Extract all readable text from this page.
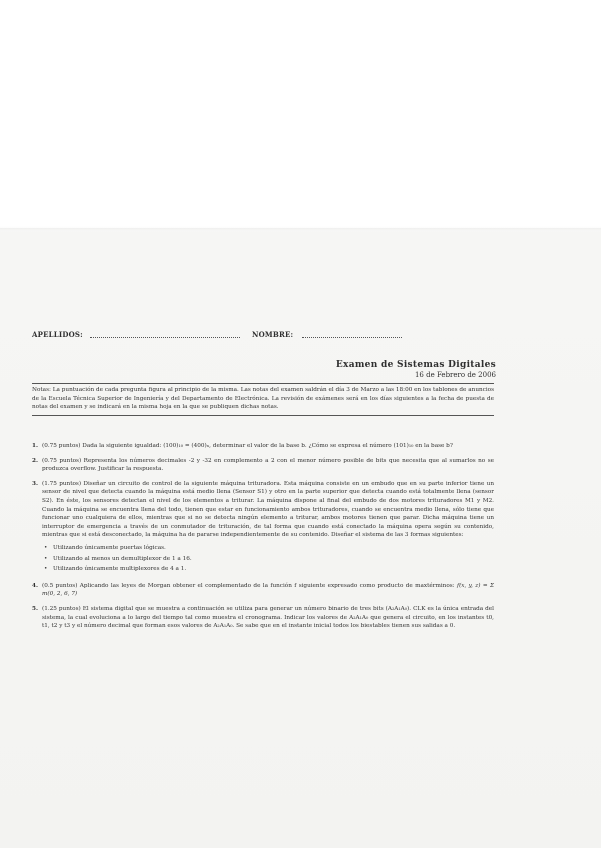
APELLIDOS:	NOMBRE:
Examen de Sistemas Digitales
16 de Febrero de 2006
Notas: La puntuación de cada pregunta figura al principio de la misma. Las notas del examen saldrán el día 3 de Marzo a las 18:00 en los tablones de anuncios de la Escuela Técnica Superior de Ingeniería y del Departamento de Electrónica. La revisión de exámenes será en los días siguientes a la fecha de puesta de notas del examen y se indicará en la misma hoja en la que se publiquen dichas notas.
1. (0.75 puntos) Dada la siguiente igualdad: (100)₁₀ = (400)ₙ, determinar el valor de la base b. ¿Cómo se expresa el número (101)₁₀ en la base b?
2. (0.75 puntos) Representa los números decimales -2 y -32 en complemento a 2 con el menor número posible de bits que necesita que al sumarlos no se produzca overflow. Justificar la respuesta.
3. (1.75 puntos) Diseñar un circuito de control de la siguiente máquina trituradora. Esta máquina consiste en un embudo que en su parte inferior tiene un sensor de nivel que detecta cuando la máquina está medio llena (Sensor S1) y otro en la parte superior que detecta cuando está totalmente llena (sensor S2). En éste, los sensores detectan el nivel de los elementos a triturar. La máquina dispone al final del embudo de dos motores trituradores M1 y M2. Cuando la máquina se encuentra llena del todo, tienen que estar en funcionamiento ambos trituradores, cuando se encuentra medio llena, sólo tiene que funcionar uno cualquiera de ellos, mientras que si no se detecta ningún elemento a triturar, ambos motores tienen que parar. Dicha máquina tiene un interruptor de emergencia a través de un conmutador de trituración, de tal forma que cuando está conectado la máquina opera según su contenido, mientras que si está desconectado, la máquina ha de pararse independientemente de su contenido. Diseñar el sistema de las 3 formas siguientes:
• Utilizando únicamente puertas lógicas.
• Utilizando al menos un demultiplexor de 1 a 16.
• Utilizando únicamente multiplexores de 4 a 1.
4. (0.5 puntos) Aplicando las leyes de Morgan obtener el complementado de la función f siguiente expresado como producto de maxtérminos: f(x, y, z) = Σ m(0, 2, 6, 7)
5. (1.25 puntos) El sistema digital que se muestra a continuación se utiliza para generar un número binario de tres bits (A₂A₁A₀). CLK es la única entrada del sistema, la cual evoluciona a lo largo del tiempo tal como muestra el cronograma. Indicar los valores de A₂A₁A₀ que genera el circuito, en los instantes t0, t1, t2 y t3 y el número decimal que forman esos valores de A₂A₁A₀. Se sabe que en el instante inicial todos los biestables tienen sus salidas a 0.
